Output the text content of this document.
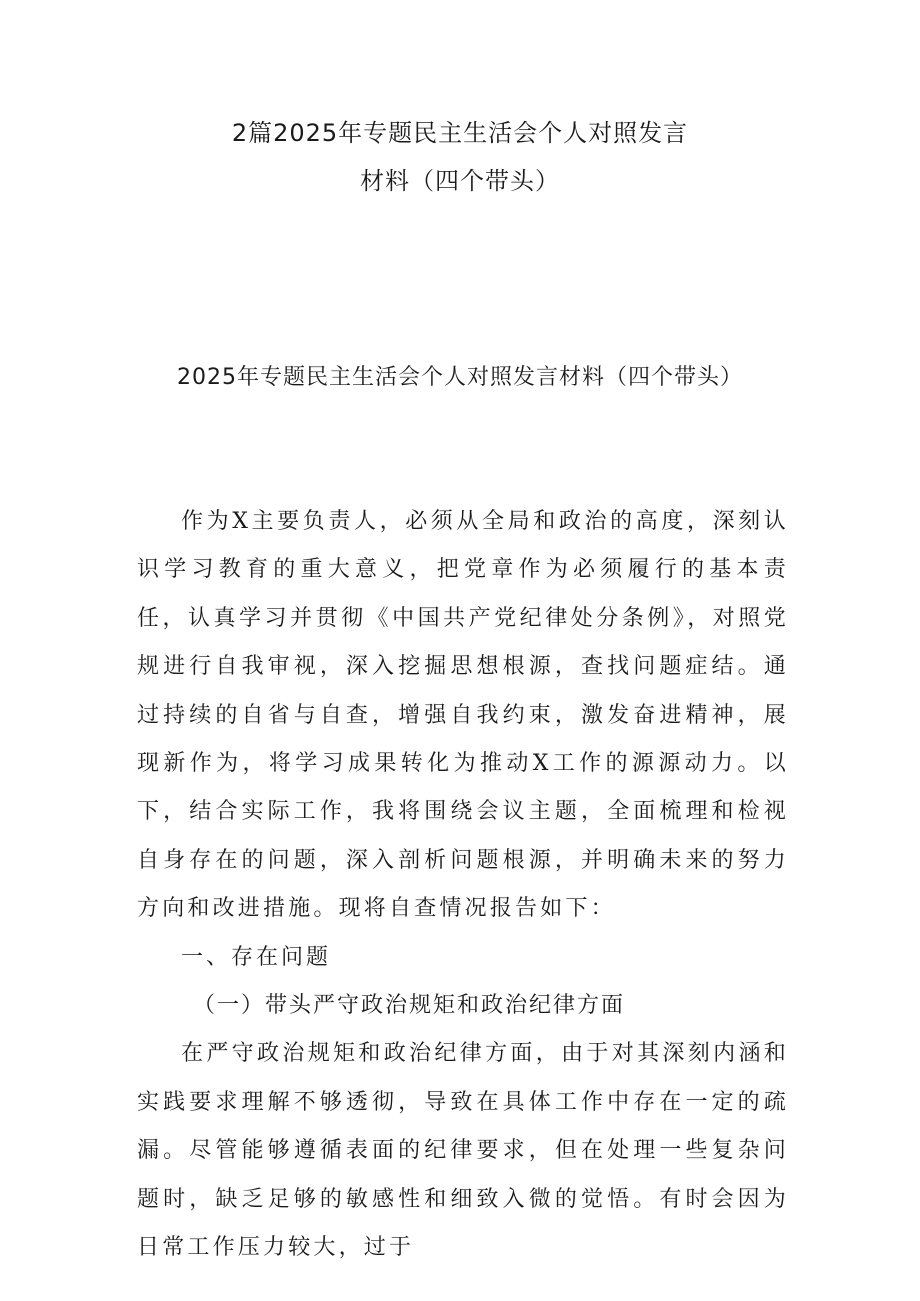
2篇2025年专题民主生活会个人对照发言
材料（四个带头）
2025年专题民主生活会个人对照发言材料（四个带头）

作为X主要负责人，必须从全局和政治的高度，深刻认识学习教育的重大意义，把党章作为必须履行的基本责任，认真学习并贯彻《中国共产党纪律处分条例》，对照党规进行自我审视，深入挖掘思想根源，查找问题症结。通过持续的自省与自查，增强自我约束，激发奋进精神，展现新作为，将学习成果转化为推动X工作的源源动力。以下，结合实际工作，我将围绕会议主题，全面梳理和检视自身存在的问题，深入剖析问题根源，并明确未来的努力方向和改进措施。现将自查情况报告如下：

一、存在问题

（一）带头严守政治规矩和政治纪律方面

在严守政治规矩和政治纪律方面，由于对其深刻内涵和实践要求理解不够透彻，导致在具体工作中存在一定的疏漏。尽管能够遵循表面的纪律要求，但在处理一些复杂问题时，缺乏足够的敏感性和细致入微的觉悟。有时会因为日常工作压力较大，过于
